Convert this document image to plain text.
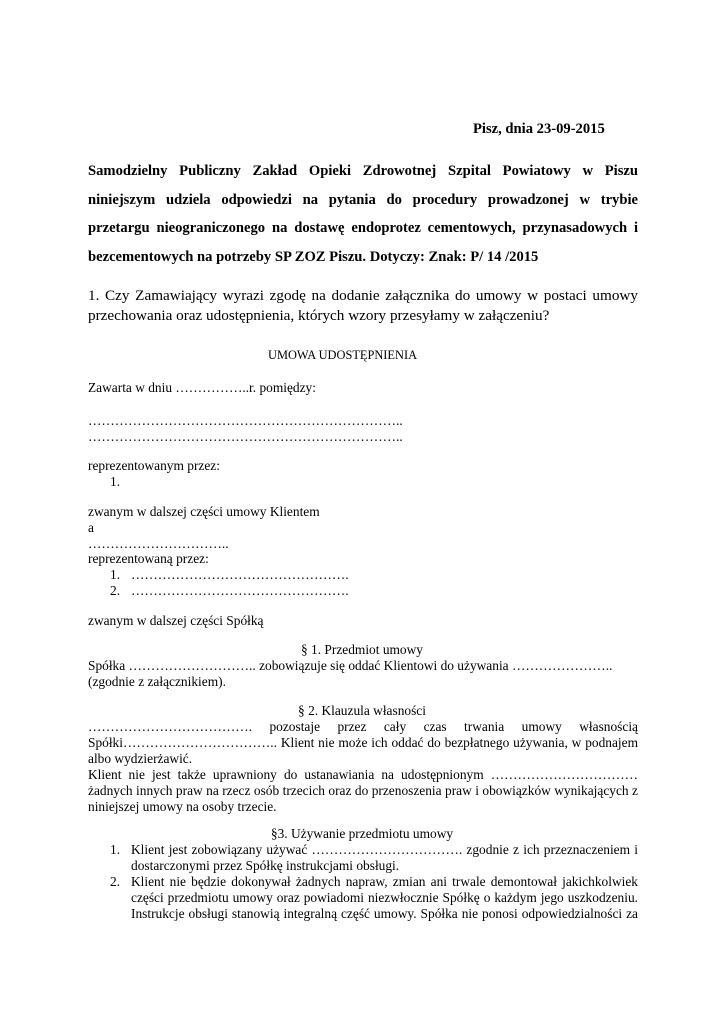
Pisz, dnia 23-09-2015
Samodzielny Publiczny Zakład Opieki Zdrowotnej Szpital Powiatowy w Piszu
niniejszym udziela odpowiedzi na pytania do procedury prowadzonej w trybie
przetargu nieograniczonego na dostawę endoprotez cementowych, przynasadowych i
bezcementowych na potrzeby SP ZOZ Piszu. Dotyczy: Znak: P/ 14 /2015
1. Czy Zamawiający wyrazi zgodę na dodanie załącznika do umowy w postaci umowy
przechowania oraz udostępnienia, których wzory przesyłamy w załączeniu?
UMOWA UDOSTĘPNIENIA
Zawarta w dniu ……………..r. pomiędzy:
……………………………………………………………..
……………………………………………………………..
reprezentowanym przez:
1.
zwanym w dalszej części umowy Klientem
a
…………………………..
reprezentowaną przez:
1. ………………………………………….
2. ………………………………………….
zwanym w dalszej części Spółką
§ 1. Przedmiot umowy
Spółka ……………………….. zobowiązuje się oddać Klientowi do używania …………………..
(zgodnie z załącznikiem).
§ 2. Klauzula własności
………………………………. pozostaje przez cały czas trwania umowy własnością
Spółki…………………………….. Klient nie może ich oddać do bezpłatnego używania, w podnajem
albo wydzierżawić.
Klient nie jest także uprawniony do ustanawiania na udostępnionym ……………………………
żadnych innych praw na rzecz osób trzecich oraz do przenoszenia praw i obowiązków wynikających z
niniejszej umowy na osoby trzecie.
§3. Używanie przedmiotu umowy
1. Klient jest zobowiązany używać ……………………………. zgodnie z ich przeznaczeniem i
dostarczonymi przez Spółkę instrukcjami obsługi.
2. Klient nie będzie dokonywał żadnych napraw, zmian ani trwale demontował jakichkolwiek
części przedmiotu umowy oraz powiadomi niezwłocznie Spółkę o każdym jego uszkodzeniu.
Instrukcje obsługi stanowią integralną część umowy. Spółka nie ponosi odpowiedzialności za
